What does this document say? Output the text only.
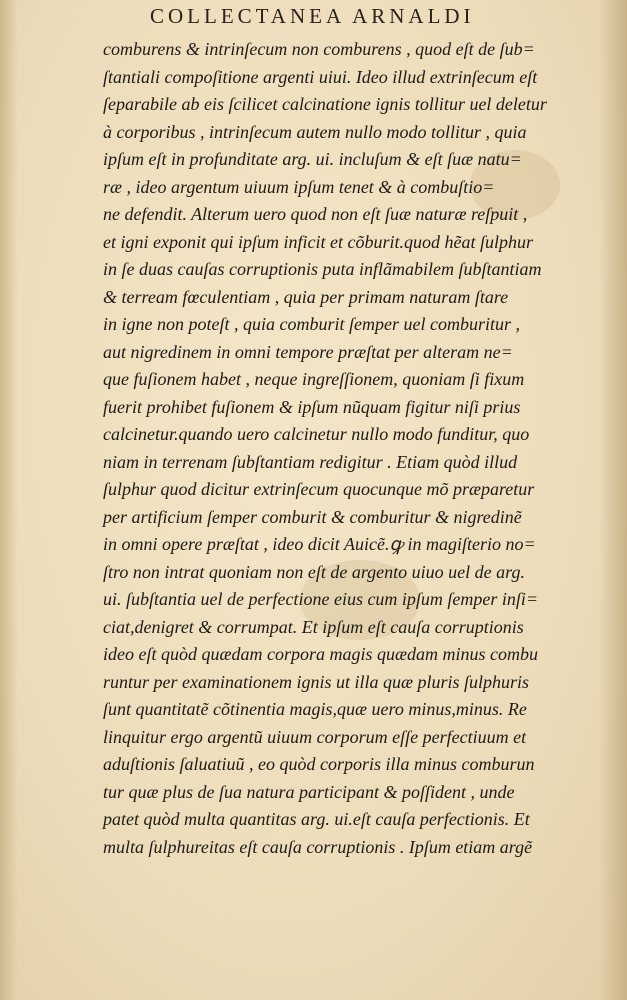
COLLECTANEA ARNALDI
comburens & intrinſecum non comburens , quod eſt de ſub=
ſtantiali compoſitione argenti uiui. Ideo illud extrinſecum eſt
ſeparabile ab eis ſcilicet calcinatione ignis tollitur uel deletur
à corporibus , intrinſecum autem nullo modo tollitur , quia
ipſum eſt in profunditate arg. ui. incluſum & eſt ſuæ natu=
ræ , ideo argentum uiuum ipſum tenet & à combuſtio=
ne defendit. Alterum uero quod non eſt ſuæ naturæ reſpuit ,
et igni exponit qui ipſum inficit et cõburit.quod hẽat ſulphur
in ſe duas cauſas corruptionis puta inflãmabilem ſubſtantiam
& terream fœculentiam , quia per primam naturam ſtare
in igne non poteſt , quia comburit ſemper uel comburitur ,
aut nigredinem in omni tempore præſtat per alteram ne=
que fuſionem habet , neque ingreſſionem, quoniam ſi fixum
fuerit prohibet fuſionem & ipſum nũquam figitur niſi prius
calcinetur.quando uero calcinetur nullo modo funditur, quo
niam in terrenam ſubſtantiam redigitur . Etiam quòd illud
ſulphur quod dicitur extrinſecum quocunque mõ præparetur
per artificium ſemper comburit & comburitur & nigredinẽ
in omni opere præſtat , ideo dicit Auicẽ.ꝙ in magiſterio no=
ſtro non intrat quoniam non eſt de argento uiuo uel de arg.
ui. ſubſtantia uel de perfectione eius cum ipſum ſemper inſi=
ciat,denigret & corrumpat. Et ipſum eſt cauſa corruptionis
ideo eſt quòd quædam corpora magis quædam minus combu
runtur per examinationem ignis ut illa quæ pluris ſulphuris
ſunt quantitatẽ cõtinentia magis,quæ uero minus,minus. Re
linquitur ergo argentũ uiuum corporum eſſe perfectiuum et
aduſtionis ſaluatiuũ , eo quòd corporis illa minus comburun
tur quæ plus de ſua natura participant & poſſident , unde
patet quòd multa quantitas arg. ui.eſt cauſa perfectionis. Et
multa ſulphureitas eſt cauſa corruptionis . Ipſum etiam argẽ
